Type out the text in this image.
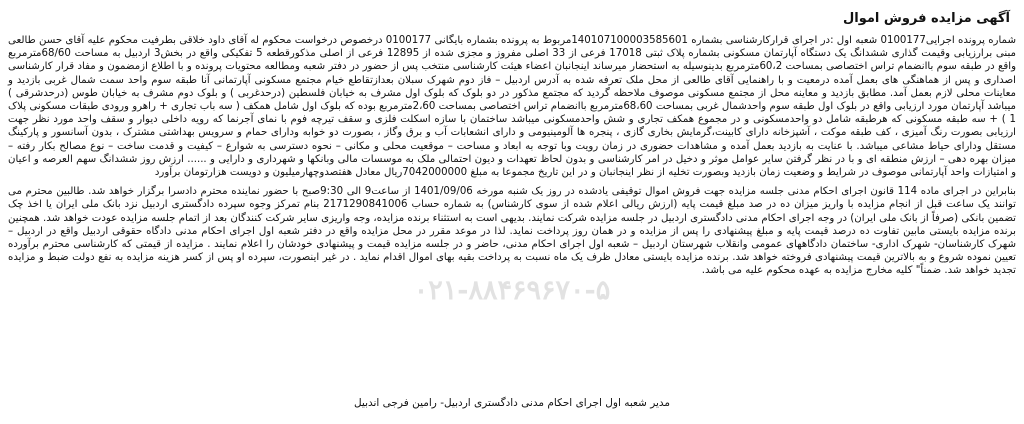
آگهی مزایده فروش اموال
شماره پرونده اجرایی0100177 شعبه اول :در اجرای قرارکارشناسی بشماره 140107100003585601مربوط به پرونده بشماره بایگانی 0100177 درخصوص درخواست محکوم له آقای داود خلاقی بطرفیت محکوم علیه آقای حسن طالعی مبنی برارزیابی وقیمت گذاری ششدانگ یک دستگاه آپارتمان مسکونی بشماره پلاک ثبتی 17018 فرعی از 33 اصلی مفروز و مجزی شده از 12895 فرعی از اصلی مذکورقطعه 5 تفکیکی واقع در بخش3 اردبیل به مساحت 68/60مترمربع واقع در طبقه سوم باانضمام تراس اختصاصی بمساحت 60،2مترمربع بدینوسیله به استحضار میرساند اینجانبان اعضاء هیئت کارشناسی منتخب پس از حضور در دفتر شعبه ومطالعه محتویات پرونده و با اطلاع ازمضمون و مفاد قرار کارشناسی اصداری و پس از هماهنگی های بعمل آمده درمعیت و با راهنمایی آقای طالعی از محل ملک تعرفه شده به آدرس اردبیل – فاز دوم شهرک سبلان بعدازتقاطع خیام مجتمع مسکونی آپارتمانی آنا طبقه سوم واحد سمت شمال غربی بازدید و معاینات محلی لازم بعمل آمد. مطابق بازدید و معاینه محل از مجتمع مسکونی موصوف ملاحظه گردید که مجتمع مذکور در دو بلوک که بلوک اول مشرف به خیابان فلسطین (درحدغربی ) و بلوک دوم مشرف به خیابان طوس (درحدشرقی ) میباشد آپارتمان مورد ارزیابی واقع در بلوک اول طبقه سوم واحدشمال غربی بمساحت 68،60مترمربع باانضمام تراس اختصاصی بمساحت 2،60مترمربع بوده که بلوک اول شامل همکف ( سه باب تجاری + راهرو ورودی طبقات مسکونی پلاک 1 ) + سه طبقه مسکونی که هرطبقه شامل دو واحدمسکونی و در مجموع همکف تجاری و شش واحدمسکونی میباشد ساختمان با سازه اسکلت فلزی و سقف تیرچه فوم با نمای آجرنما که رویه داخلی دیوار و سقف واحد مورد نظر جهت ارزیابی بصورت رنگ آمیزی ، کف طبقه موکت ، آشپزخانه دارای کابینت،گرمایش بخاری گازی ، پنجره ها آلومینیومی و دارای انشعابات آب و برق وگاز ، بصورت دو خوابه ودارای حمام و سرویس بهداشتی مشترک ، بدون آسانسور و پارکینگ مستقل ودارای حیاط مشاعی میباشد. با عنایت به بازدید بعمل آمده و مشاهدات حضوری در زمان رویت وبا توجه به ابعاد و مساحت – موقعیت محلی و مکانی – نحوه دسترسی به شوارع – کیفیت و قدمت ساخت – نوع مصالح بکار رفته – میزان بهره دهی – ارزش منطقه ای و با در نظر گرفتن سایر عوامل موثر و دخیل در امر کارشناسی و بدون لحاظ تعهدات و دیون احتمالی ملک به موسسات مالی وبانکها و شهرداری و دارایی و ...... ارزش روز ششدانگ سهم العرصه و اعیان و امتیازات واحد آپارتمانی موصوف در شرایط و وضعیت زمان بازدید وبصورت تخلیه از نظر اینجانبان و در این تاریخ مجموعا به مبلغ 7042000000ریال معادل هفتصدوچهارمیلیون و دویست هزارتومان برآورد
بنابراین در اجرای ماده 114 قانون اجرای احکام مدنی جلسه مزایده جهت فروش اموال توقیفی یادشده در روز یک شنبه مورخه 1401/09/06 از ساعت9 الی 9:30صبح با حضور نماینده محترم دادسرا برگزار خواهد شد. طالبین محترم می توانند یک ساعت قبل از انجام مزایده با واریز میزان ده در صد مبلغ قیمت پایه (ارزش ریالی اعلام شده از سوی کارشناس) به شماره حساب 2171290841006 بنام تمرکز وجوه سپرده دادگستری اردبیل نزد بانک ملی ایران یا اخذ چک تضمین بانکی (صرفاً از بانک ملی ایران) در وجه اجرای احکام مدنی دادگستری اردبیل در جلسه مزایده شرکت نمایند. بدیهی است به استثناء برنده مزایده، وجه واریزی سایر شرکت کنندگان بعد از اتمام جلسه مزایده عودت خواهد شد. همچنین برنده مزایده بایستی مابین تفاوت ده درصد قیمت پایه و مبلغ پیشنهادی را پس از مزایده و در همان روز پرداخت نماید. لذا در موعد مقرر در محل مزایده واقع در دفتر شعبه اول اجرای احکام مدنی دادگاه حقوقی اردبیل واقع در اردبیل – شهرک کارشناسان- شهرک اداری- ساختمان دادگاههای عمومی وانقلاب شهرستان اردبیل – شعبه اول اجرای احکام مدنی، حاضر و در جلسه مزایده قیمت و پیشنهادی خودشان را اعلام نمایند . مزایده از قیمتی که کارشناسی محترم برآورده تعیین نموده شروع و به بالاترین قیمت پیشنهادی فروخته خواهد شد. برنده مزایده بایستی معادل ظرف یک ماه نسبت به پرداخت بقیه بهای اموال اقدام نماید . در غیر اینصورت، سپرده او پس از کسر هزینه مزایده به نفع دولت ضبط و مزایده تجدید خواهد شد. ضمناً" کلیه مخارج مزایده به عهده محکوم علیه می باشد.
۰۲۱-۸۸۴۶۹۶۷۰-۵
مدیر شعبه اول اجرای احکام مدنی دادگستری اردبیل- رامین فرجی اندبیل
